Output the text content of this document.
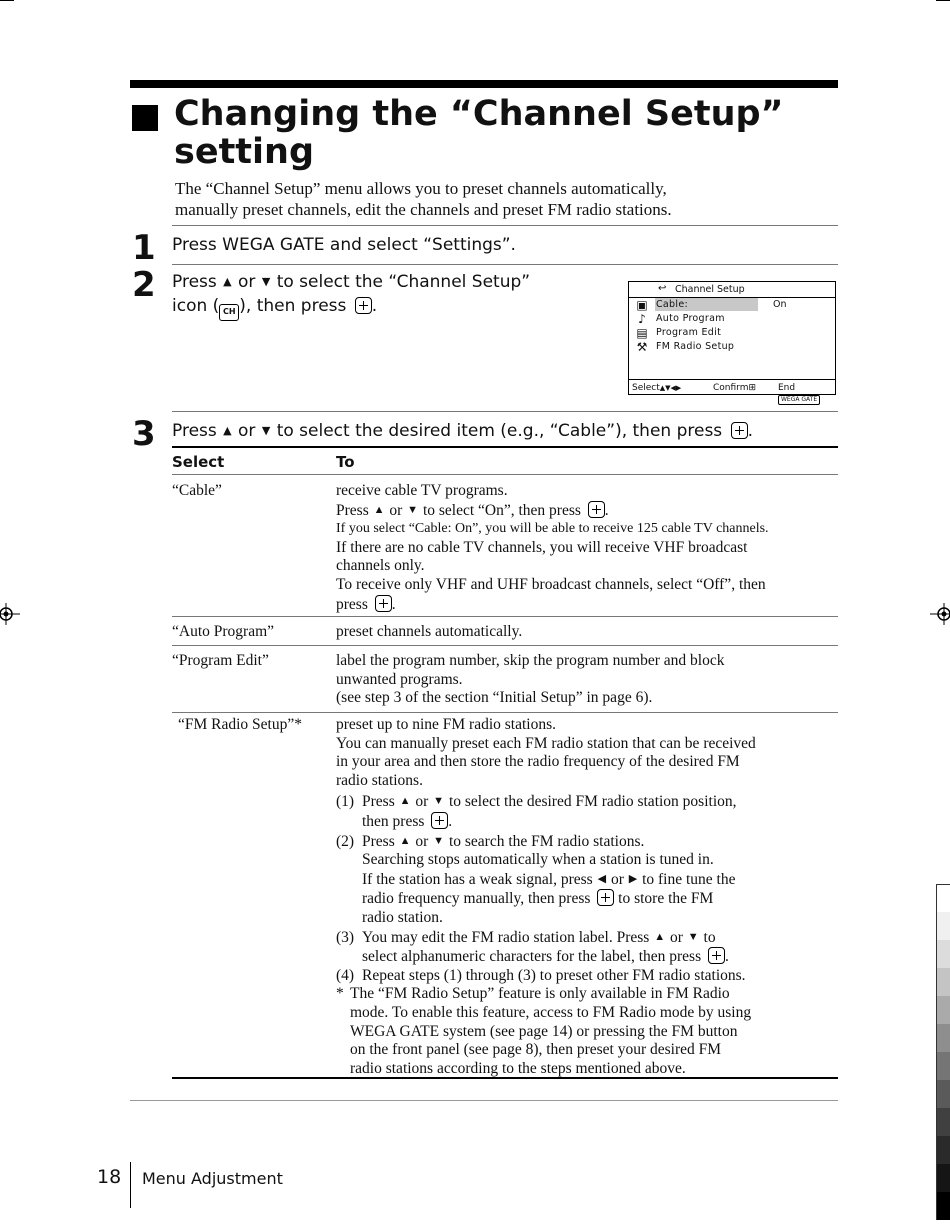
Changing the “Channel Setup”
setting
The “Channel Setup” menu allows you to preset channels automatically,
manually preset channels, edit the channels and preset FM radio stations.
1 Press WEGA GATE and select “Settings”.
2 Press ▲ or ▼ to select the “Channel Setup”
icon ( CH ), then press .
↩ Channel Setup
▣
♪
▤
⚒
Cable:	On
Auto Program
Program Edit
FM Radio Setup
Select▲▼◀▶	Confirm⊞ EndWEGA GATE
3 Press ▲ or ▼ to select the desired item (e.g., “Cable”), then press .
Select	To
“Cable”	receive cable TV programs.
Press ▲ or ▼ to select “On”, then press .
If you select “Cable: On”, you will be able to receive 125 cable TV channels.
If there are no cable TV channels, you will receive VHF broadcast
channels only.
To receive only VHF and UHF broadcast channels, select “Off”, then
press .
“Auto Program”	preset channels automatically.
“Program Edit”	label the program number, skip the program number and block
unwanted programs.
(see step 3 of the section “Initial Setup” in page 6).
“FM Radio Setup”* preset up to nine FM radio stations.
You can manually preset each FM radio station that can be received
in your area and then store the radio frequency of the desired FM
radio stations.
(1) Press ▲ or ▼ to select the desired FM radio station position,
then press .
(2) Press ▲ or ▼ to search the FM radio stations.
Searching stops automatically when a station is tuned in.
If the station has a weak signal, press ◀ or ▶ to fine tune the
radio frequency manually, then press to store the FM
radio station.
(3) You may edit the FM radio station label. Press ▲ or ▼ to
select alphanumeric characters for the label, then press .
(4) Repeat steps (1) through (3) to preset other FM radio stations.
* The “FM Radio Setup” feature is only available in FM Radio
mode. To enable this feature, access to FM Radio mode by using
WEGA GATE system (see page 14) or pressing the FM button
on the front panel (see page 8), then preset your desired FM
radio stations according to the steps mentioned above.
18 Menu Adjustment
